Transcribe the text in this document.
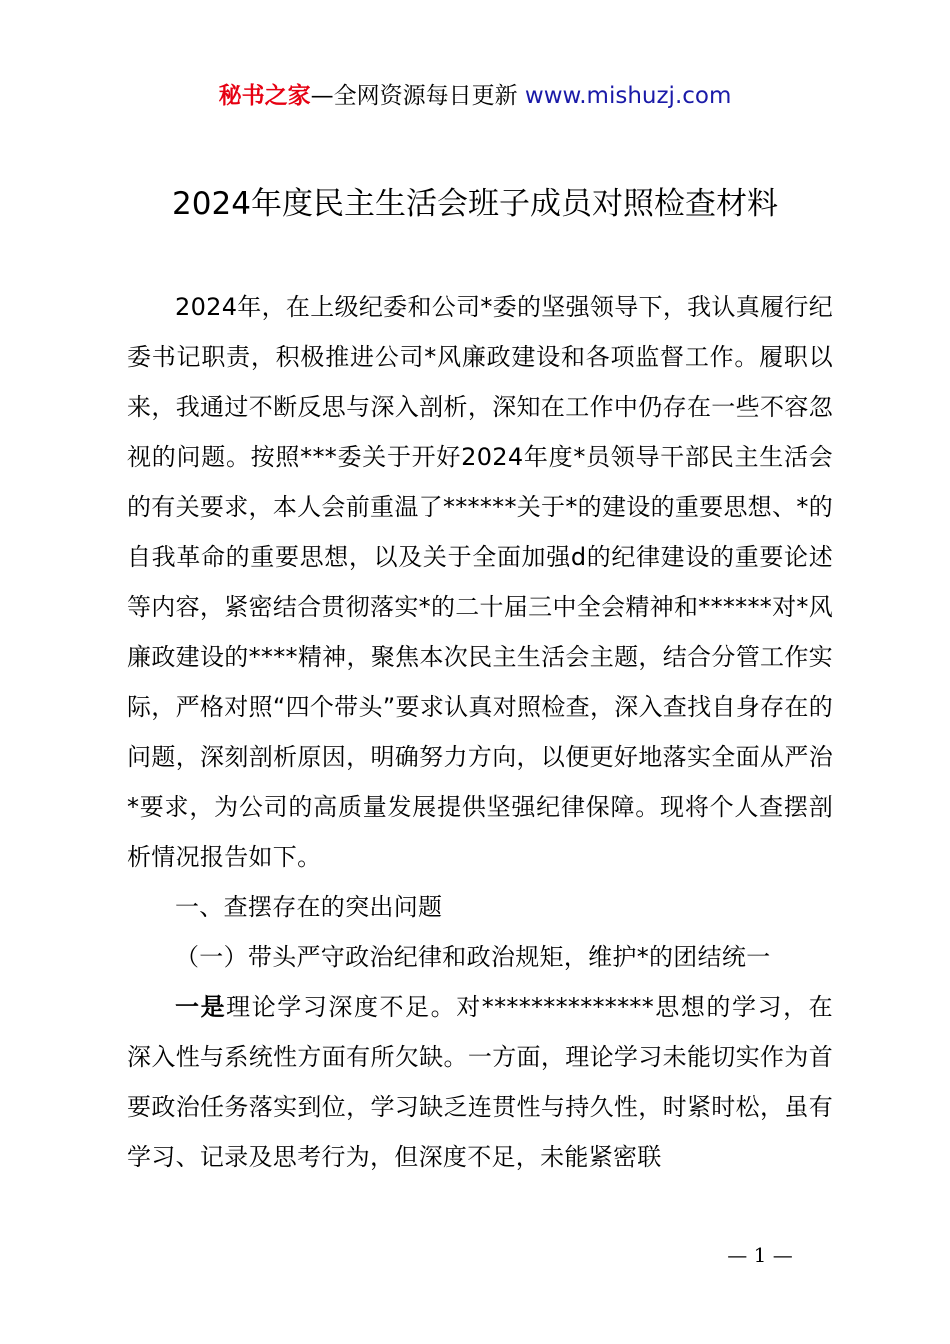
秘书之家—全网资源每日更新 www.mishuzj.com
2024年度民主生活会班子成员对照检查材料

2024年，在上级纪委和公司*委的坚强领导下，我认真履行纪委书记职责，积极推进公司*风廉政建设和各项监督工作。履职以来，我通过不断反思与深入剖析，深知在工作中仍存在一些不容忽视的问题。按照***委关于开好2024年度*员领导干部民主生活会的有关要求，本人会前重温了******关于*的建设的重要思想、*的自我革命的重要思想，以及关于全面加强d的纪律建设的重要论述等内容，紧密结合贯彻落实*的二十届三中全会精神和******对*风廉政建设的****精神，聚焦本次民主生活会主题，结合分管工作实际，严格对照“四个带头”要求认真对照检查，深入查找自身存在的问题，深刻剖析原因，明确努力方向，以便更好地落实全面从严治*要求，为公司的高质量发展提供坚强纪律保障。现将个人查摆剖析情况报告如下。

一、查摆存在的突出问题

（一）带头严守政治纪律和政治规矩，维护*的团结统一

一是理论学习深度不足。对**************思想的学习，在深入性与系统性方面有所欠缺。一方面，理论学习未能切实作为首要政治任务落实到位，学习缺乏连贯性与持久性，时紧时松，虽有学习、记录及思考行为，但深度不足，未能紧密联

— 1 —
